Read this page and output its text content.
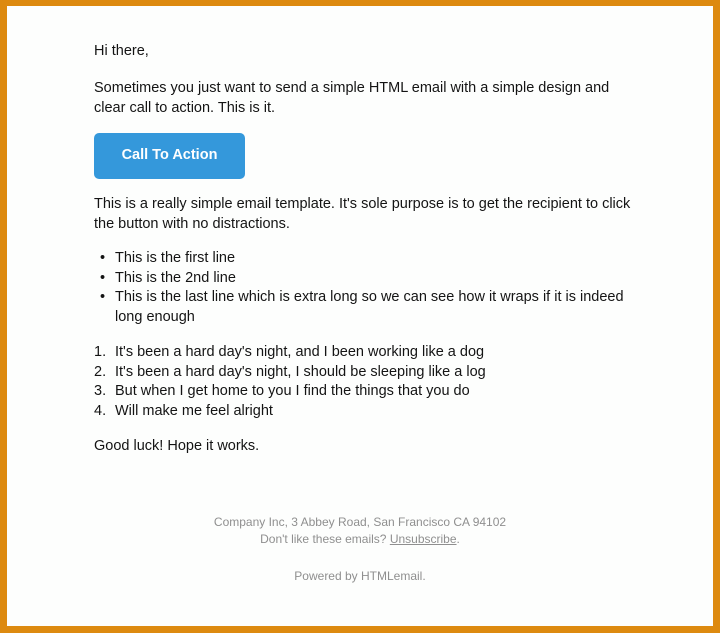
Hi there,

Sometimes you just want to send a simple HTML email with a simple design and clear call to action. This is it.

Call To Action

This is a really simple email template. It's sole purpose is to get the recipient to click the button with no distractions.

• This is the first line
• This is the 2nd line
• This is the last line which is extra long so we can see how it wraps if it is indeed long enough
1. It's been a hard day's night, and I been working like a dog
2. It's been a hard day's night, I should be sleeping like a log
3. But when I get home to you I find the things that you do
4. Will make me feel alright

Good luck! Hope it works.

Company Inc, 3 Abbey Road, San Francisco CA 94102
Don't like these emails? Unsubscribe.
Powered by HTMLemail.
